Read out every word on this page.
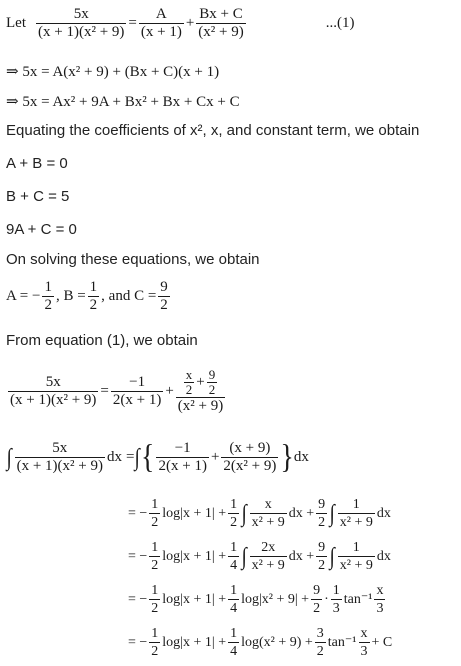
Let $\frac{5x}{\text{(x + 1)(x² + 9)}} = \frac{A}{(x + 1)} + \frac{Bx + C}{\text{(x² + 9)}}$	...(1)
⇒ 5x = A(x² + 9) + (Bx + C)(x + 1)
⇒ 5x = Ax² + 9A + Bx² + Bx + Cx + C
Equating the coefficients of x², x, and constant term, we obtain
A + B = 0
B + C = 5
9A + C = 0
On solving these equations, we obtain
A = − $\frac{1}{2}$ , $B = \frac{1}{2}$ , and $C = \frac{9}{2}$
From equation (1), we obtain
$\frac{5x}{\text{(x + 1)(x² + 9)}} = \frac{-1}{2(x + 1)} + \frac{\frac{x}{2} + \frac{9}{2}}{\text{(x² + 9)}}$
∫ $\frac{5x}{\text{(x + 1)(x² + 9)}}$ dx = ∫ { $\frac{-1}{2(x + 1)} + \frac{(x + 9)}{\text{2(x² + 9)}}$ } dx
= − $\frac{1}{2} \log|x + 1| + \frac{1}{2}$ ∫ $\frac{x}{\text{x² + 9}}$ dx + $\frac{9}{2}$ ∫ $\frac{1}{\text{x² + 9}}$ dx
= − $\frac{1}{2} \log|x + 1| + \frac{1}{4}$ ∫ $\frac{2x}{\text{x² + 9}}$ dx + $\frac{9}{2}$ ∫ $\frac{1}{\text{x² + 9}}$ dx
= − $\frac{1}{2} \log|x + 1| + \frac{1}{4} \log|x^2 + 9| + \frac{9}{2} \cdot \frac{1}{3} \tan^{-1} \frac{x}{3}$
= − $\frac{1}{2} \log|x + 1| + \frac{1}{4} \log(x^2 + 9) + \frac{3}{2} \tan^{-1} \frac{x}{3} + C$
